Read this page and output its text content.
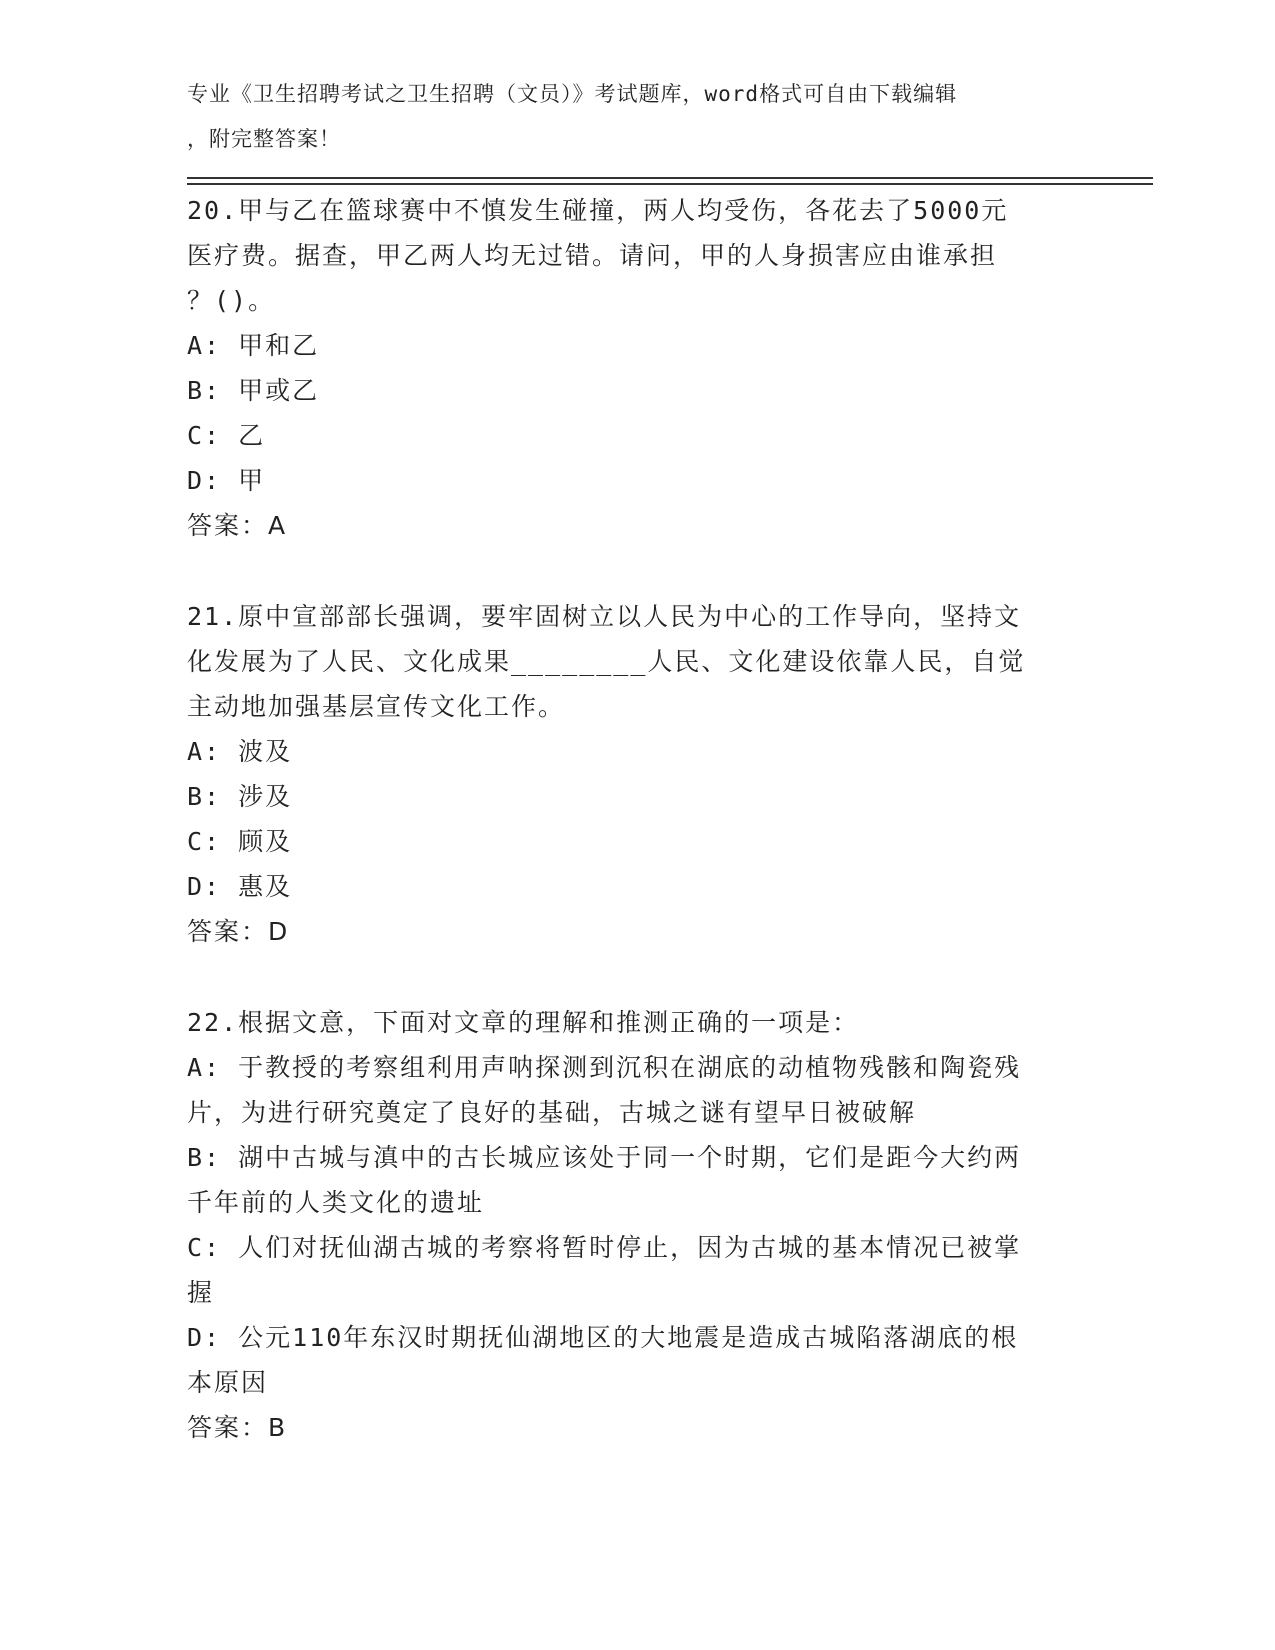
专业《卫生招聘考试之卫生招聘（文员）》考试题库，word格式可自由下载编辑
，附完整答案！
20.甲与乙在篮球赛中不慎发生碰撞，两人均受伤，各花去了5000元
医疗费。据查，甲乙两人均无过错。请问，甲的人身损害应由谁承担
？()。
A: 甲和乙
B: 甲或乙
C: 乙
D: 甲
答案：A
21.原中宣部部长强调，要牢固树立以人民为中心的工作导向，坚持文
化发展为了人民、文化成果________人民、文化建设依靠人民，自觉
主动地加强基层宣传文化工作。
A: 波及
B: 涉及
C: 顾及
D: 惠及
答案：D
22.根据文意，下面对文章的理解和推测正确的一项是：
A: 于教授的考察组利用声呐探测到沉积在湖底的动植物残骸和陶瓷残
片，为进行研究奠定了良好的基础，古城之谜有望早日被破解
B: 湖中古城与滇中的古长城应该处于同一个时期，它们是距今大约两
千年前的人类文化的遗址
C: 人们对抚仙湖古城的考察将暂时停止，因为古城的基本情况已被掌
握
D: 公元110年东汉时期抚仙湖地区的大地震是造成古城陷落湖底的根
本原因
答案：B
